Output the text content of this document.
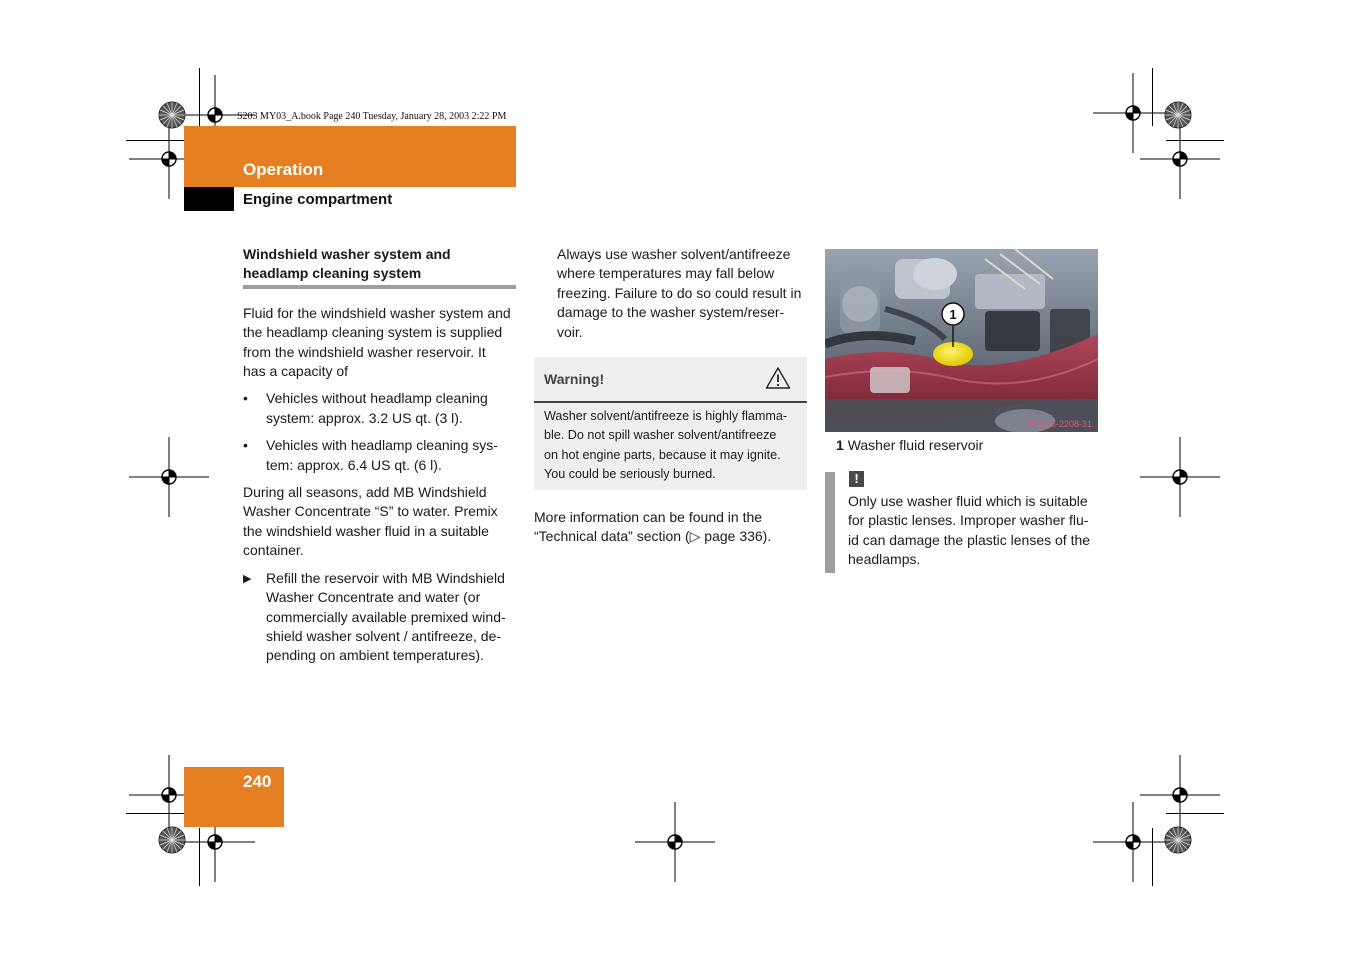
S203 MY03_A.book Page 240 Tuesday, January 28, 2003 2:22 PM
Operation
Engine compartment
Windshield washer system and
headlamp cleaning system
Fluid for the windshield washer system and
the headlamp cleaning system is supplied
from the windshield washer reservoir. It
has a capacity of
• Vehicles without headlamp cleaning
system: approx. 3.2 US qt. (3 l).
• Vehicles with headlamp cleaning sys-
tem: approx. 6.4 US qt. (6 l).
During all seasons, add MB Windshield
Washer Concentrate “S” to water. Premix
the windshield washer fluid in a suitable
container.
▶ Refill the reservoir with MB Windshield
Washer Concentrate and water (or
commercially available premixed wind-
shield washer solvent / antifreeze, de-
pending on ambient temperatures).
Always use washer solvent/antifreeze
where temperatures may fall below
freezing. Failure to do so could result in
damage to the washer system/reser-
voir.
Warning!
Washer solvent/antifreeze is highly flamma-
ble. Do not spill washer solvent/antifreeze
on hot engine parts, because it may ignite.
You could be seriously burned.
More information can be found in the
“Technical data” section (▷ page 336).
1
P82.35-2208-31
1 Washer fluid reservoir
!
Only use washer fluid which is suitable
for plastic lenses. Improper washer flu-
id can damage the plastic lenses of the
headlamps.
240
